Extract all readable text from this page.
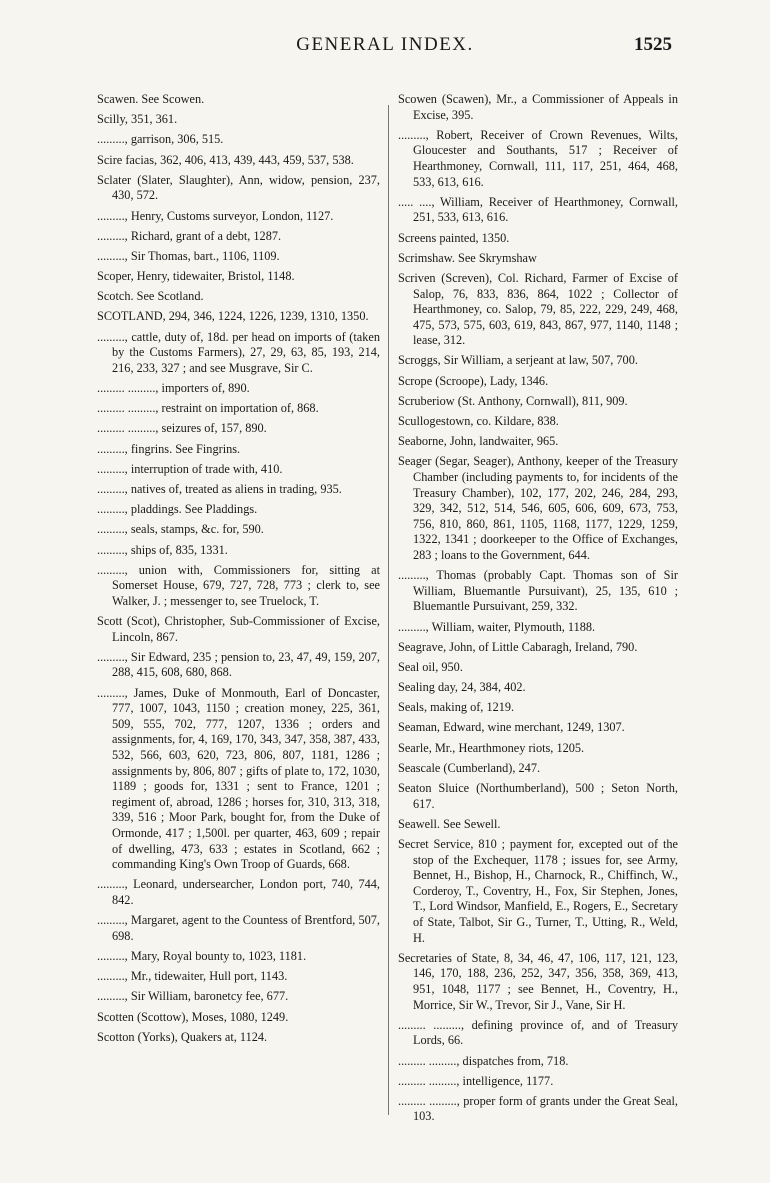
GENERAL INDEX.	1525
Scawen. See Scowen.
Scilly, 351, 361.
........., garrison, 306, 515.
Scire facias, 362, 406, 413, 439, 443, 459, 537, 538.
Sclater (Slater, Slaughter), Ann, widow, pension, 237, 430, 572.
........., Henry, Customs surveyor, London, 1127.
........., Richard, grant of a debt, 1287.
........., Sir Thomas, bart., 1106, 1109.
Scoper, Henry, tidewaiter, Bristol, 1148.
Scotch. See Scotland.
SCOTLAND, 294, 346, 1224, 1226, 1239, 1310, 1350.
........., cattle, duty of, 18d. per head on imports of (taken by the Customs Farmers), 27, 29, 63, 85, 193, 214, 216, 233, 327 ; and see Musgrave, Sir C.
......... ........., importers of, 890.
......... ........., restraint on importation of, 868.
......... ........., seizures of, 157, 890.
........., fingrins. See Fingrins.
........., interruption of trade with, 410.
........., natives of, treated as aliens in trading, 935.
........., pladdings. See Pladdings.
........., seals, stamps, &c. for, 590.
........., ships of, 835, 1331.
........., union with, Commissioners for, sitting at Somerset House, 679, 727, 728, 773 ; clerk to, see Walker, J. ; messenger to, see Truelock, T.
Scott (Scot), Christopher, Sub-Commissioner of Excise, Lincoln, 867.
........., Sir Edward, 235 ; pension to, 23, 47, 49, 159, 207, 288, 415, 608, 680, 868.
........., James, Duke of Monmouth, Earl of Doncaster, 777, 1007, 1043, 1150 ; creation money, 225, 361, 509, 555, 702, 777, 1207, 1336 ; orders and assignments, for, 4, 169, 170, 343, 347, 358, 387, 433, 532, 566, 603, 620, 723, 806, 807, 1181, 1286 ; assignments by, 806, 807 ; gifts of plate to, 172, 1030, 1189 ; goods for, 1331 ; sent to France, 1201 ; regiment of, abroad, 1286 ; horses for, 310, 313, 318, 339, 516 ; Moor Park, bought for, from the Duke of Ormonde, 417 ; 1,500l. per quarter, 463, 609 ; repair of dwelling, 473, 633 ; estates in Scotland, 662 ; commanding King's Own Troop of Guards, 668.
........., Leonard, undersearcher, London port, 740, 744, 842.
........., Margaret, agent to the Countess of Brentford, 507, 698.
........., Mary, Royal bounty to, 1023, 1181.
........., Mr., tidewaiter, Hull port, 1143.
........., Sir William, baronetcy fee, 677.
Scotten (Scottow), Moses, 1080, 1249.
Scotton (Yorks), Quakers at, 1124.
Scowen (Scawen), Mr., a Commissioner of Appeals in Excise, 395.
........., Robert, Receiver of Crown Revenues, Wilts, Gloucester and Southants, 517 ; Receiver of Hearthmoney, Cornwall, 111, 117, 251, 464, 468, 533, 613, 616.
..... ...., William, Receiver of Hearthmoney, Cornwall, 251, 533, 613, 616.
Screens painted, 1350.
Scrimshaw. See Skrymshaw
Scriven (Screven), Col. Richard, Farmer of Excise of Salop, 76, 833, 836, 864, 1022 ; Collector of Hearthmoney, co. Salop, 79, 85, 222, 229, 249, 468, 475, 573, 575, 603, 619, 843, 867, 977, 1140, 1148 ; lease, 312.
Scroggs, Sir William, a serjeant at law, 507, 700.
Scrope (Scroope), Lady, 1346.
Scruberiow (St. Anthony, Cornwall), 811, 909.
Scullogestown, co. Kildare, 838.
Seaborne, John, landwaiter, 965.
Seager (Segar, Seager), Anthony, keeper of the Treasury Chamber (including payments to, for incidents of the Treasury Chamber), 102, 177, 202, 246, 284, 293, 329, 342, 512, 514, 546, 605, 606, 609, 673, 753, 756, 810, 860, 861, 1105, 1168, 1177, 1229, 1259, 1322, 1341 ; doorkeeper to the Office of Exchanges, 283 ; loans to the Government, 644.
........., Thomas (probably Capt. Thomas son of Sir William, Bluemantle Pursuivant), 25, 135, 610 ; Bluemantle Pursuivant, 259, 332.
........., William, waiter, Plymouth, 1188.
Seagrave, John, of Little Cabaragh, Ireland, 790.
Seal oil, 950.
Sealing day, 24, 384, 402.
Seals, making of, 1219.
Seaman, Edward, wine merchant, 1249, 1307.
Searle, Mr., Hearthmoney riots, 1205.
Seascale (Cumberland), 247.
Seaton Sluice (Northumberland), 500 ; Seton North, 617.
Seawell. See Sewell.
Secret Service, 810 ; payment for, excepted out of the stop of the Exchequer, 1178 ; issues for, see Army, Bennet, H., Bishop, H., Charnock, R., Chiffinch, W., Corderoy, T., Coventry, H., Fox, Sir Stephen, Jones, T., Lord Windsor, Manfield, E., Rogers, E., Secretary of State, Talbot, Sir G., Turner, T., Utting, R., Weld, H.
Secretaries of State, 8, 34, 46, 47, 106, 117, 121, 123, 146, 170, 188, 236, 252, 347, 356, 358, 369, 413, 951, 1048, 1177 ; see Bennet, H., Coventry, H., Morrice, Sir W., Trevor, Sir J., Vane, Sir H.
......... ........., defining province of, and of Treasury Lords, 66.
......... ........., dispatches from, 718.
......... ........., intelligence, 1177.
......... ........., proper form of grants under the Great Seal, 103.
